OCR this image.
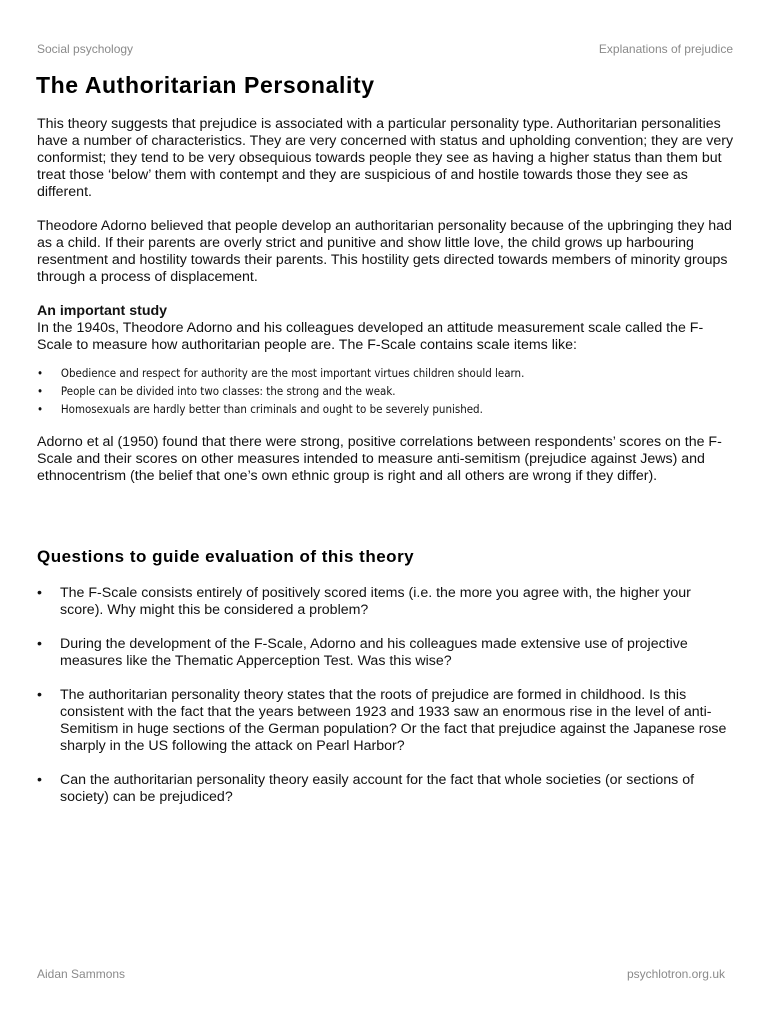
Social psychology	Explanations of prejudice
The Authoritarian Personality

This theory suggests that prejudice is associated with a particular personality type. Authoritarian personalities have a number of characteristics. They are very concerned with status and upholding convention; they are very conformist; they tend to be very obsequious towards people they see as having a higher status than them but treat those ‘below’ them with contempt and they are suspicious of and hostile towards those they see as different.

Theodore Adorno believed that people develop an authoritarian personality because of the upbringing they had as a child. If their parents are overly strict and punitive and show little love, the child grows up harbouring resentment and hostility towards their parents. This hostility gets directed towards members of minority groups through a process of displacement.

An important study

In the 1940s, Theodore Adorno and his colleagues developed an attitude measurement scale called the F-Scale to measure how authoritarian people are. The F-Scale contains scale items like:

• Obedience and respect for authority are the most important virtues children should learn.
• People can be divided into two classes: the strong and the weak.
• Homosexuals are hardly better than criminals and ought to be severely punished.

Adorno et al (1950) found that there were strong, positive correlations between respondents’ scores on the F-Scale and their scores on other measures intended to measure anti-semitism (prejudice against Jews) and ethnocentrism (the belief that one’s own ethnic group is right and all others are wrong if they differ).

Questions to guide evaluation of this theory
• The F-Scale consists entirely of positively scored items (i.e. the more you agree with, the higher your score). Why might this be considered a problem?
• During the development of the F-Scale, Adorno and his colleagues made extensive use of projective measures like the Thematic Apperception Test. Was this wise?
• The authoritarian personality theory states that the roots of prejudice are formed in childhood. Is this consistent with the fact that the years between 1923 and 1933 saw an enormous rise in the level of anti-Semitism in huge sections of the German population? Or the fact that prejudice against the Japanese rose sharply in the US following the attack on Pearl Harbor?
• Can the authoritarian personality theory easily account for the fact that whole societies (or sections of society) can be prejudiced?
Aidan Sammons	psychlotron.org.uk
